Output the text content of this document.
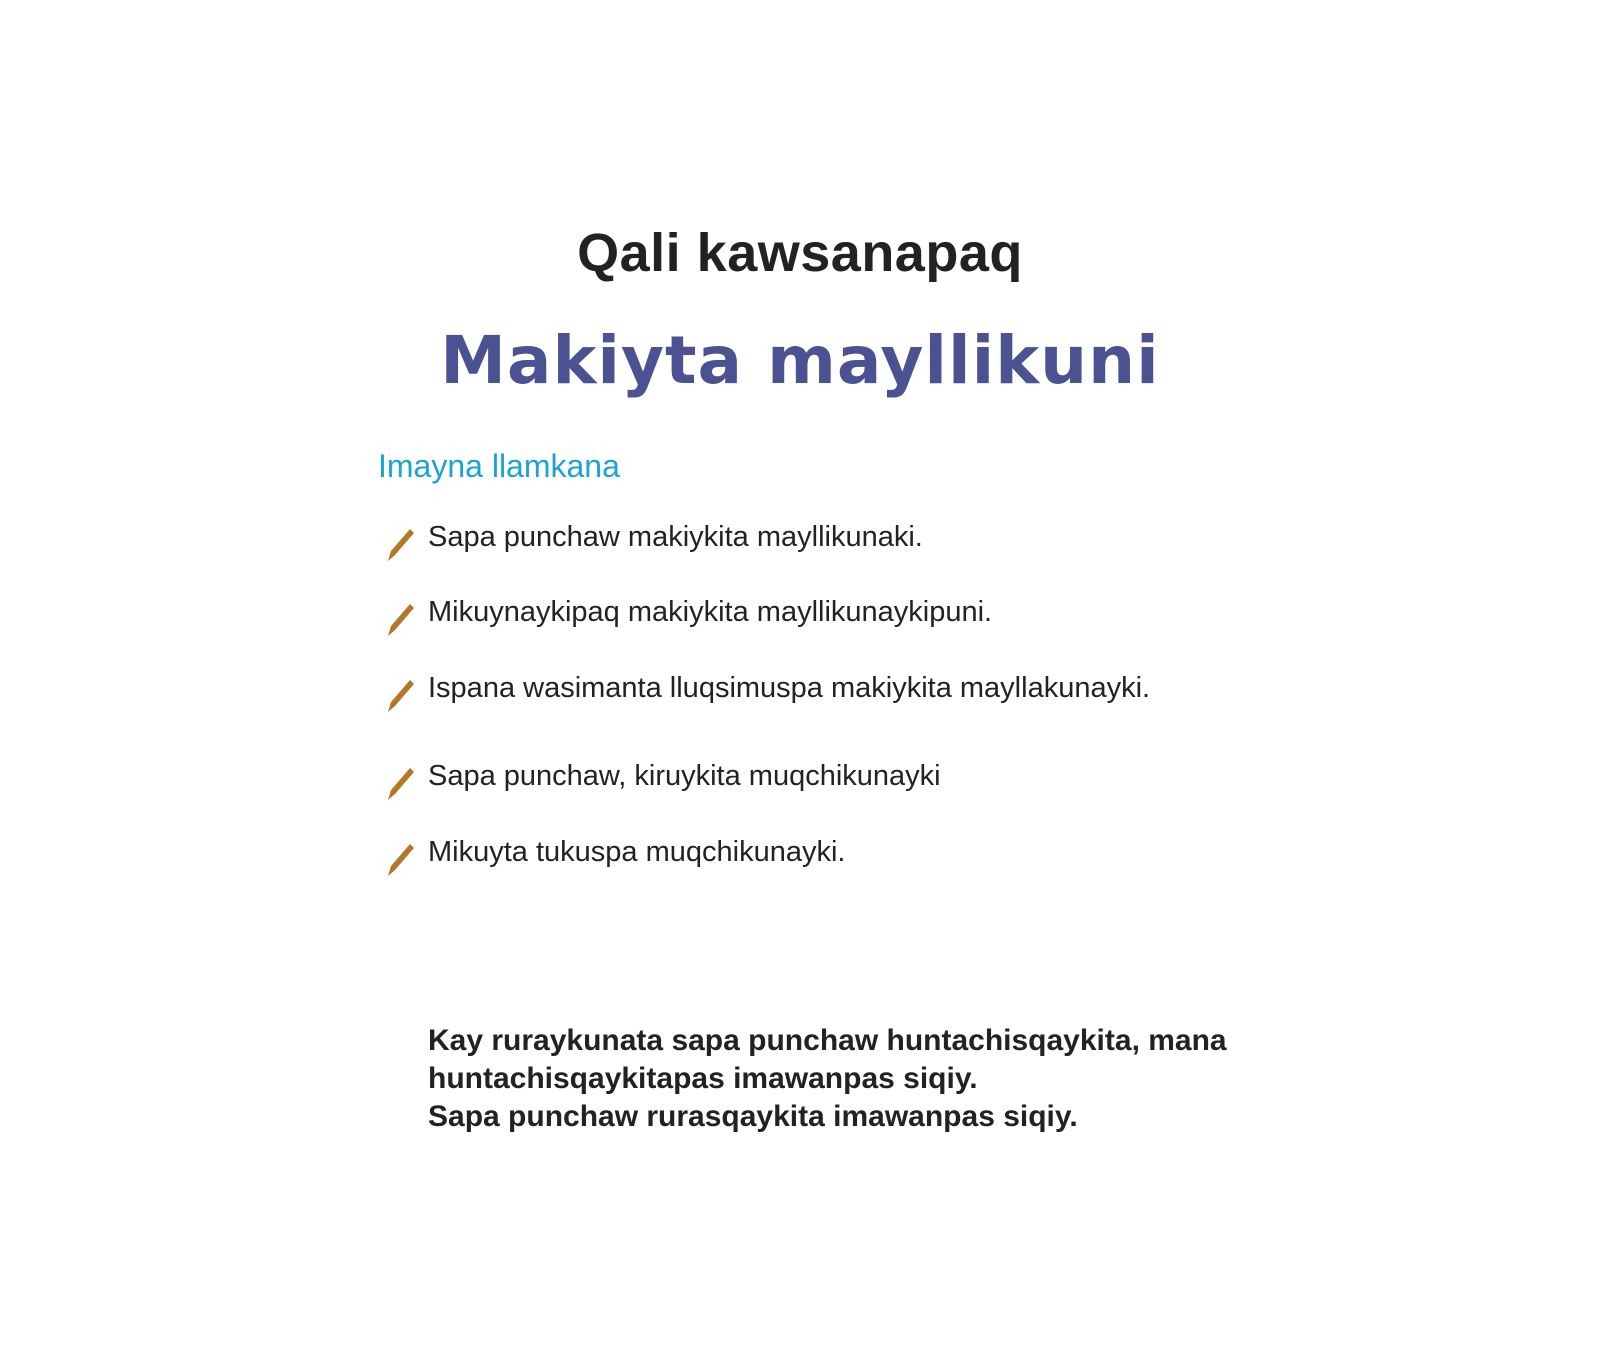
Qali kawsanapaq
Makiyta mayllikuni
Imayna llamkana
Sapa punchaw makiykita mayllikunaki.
Mikuynaykipaq makiykita mayllikunaykipuni.
Ispana wasimanta lluqsimuspa makiykita mayllakunayki.
Sapa punchaw, kiruykita muqchikunayki
Mikuyta tukuspa muqchikunayki.
Kay ruraykunata sapa punchaw huntachisqaykita, mana
huntachisqaykitapas imawanpas siqiy.
Sapa punchaw rurasqaykita imawanpas siqiy.
